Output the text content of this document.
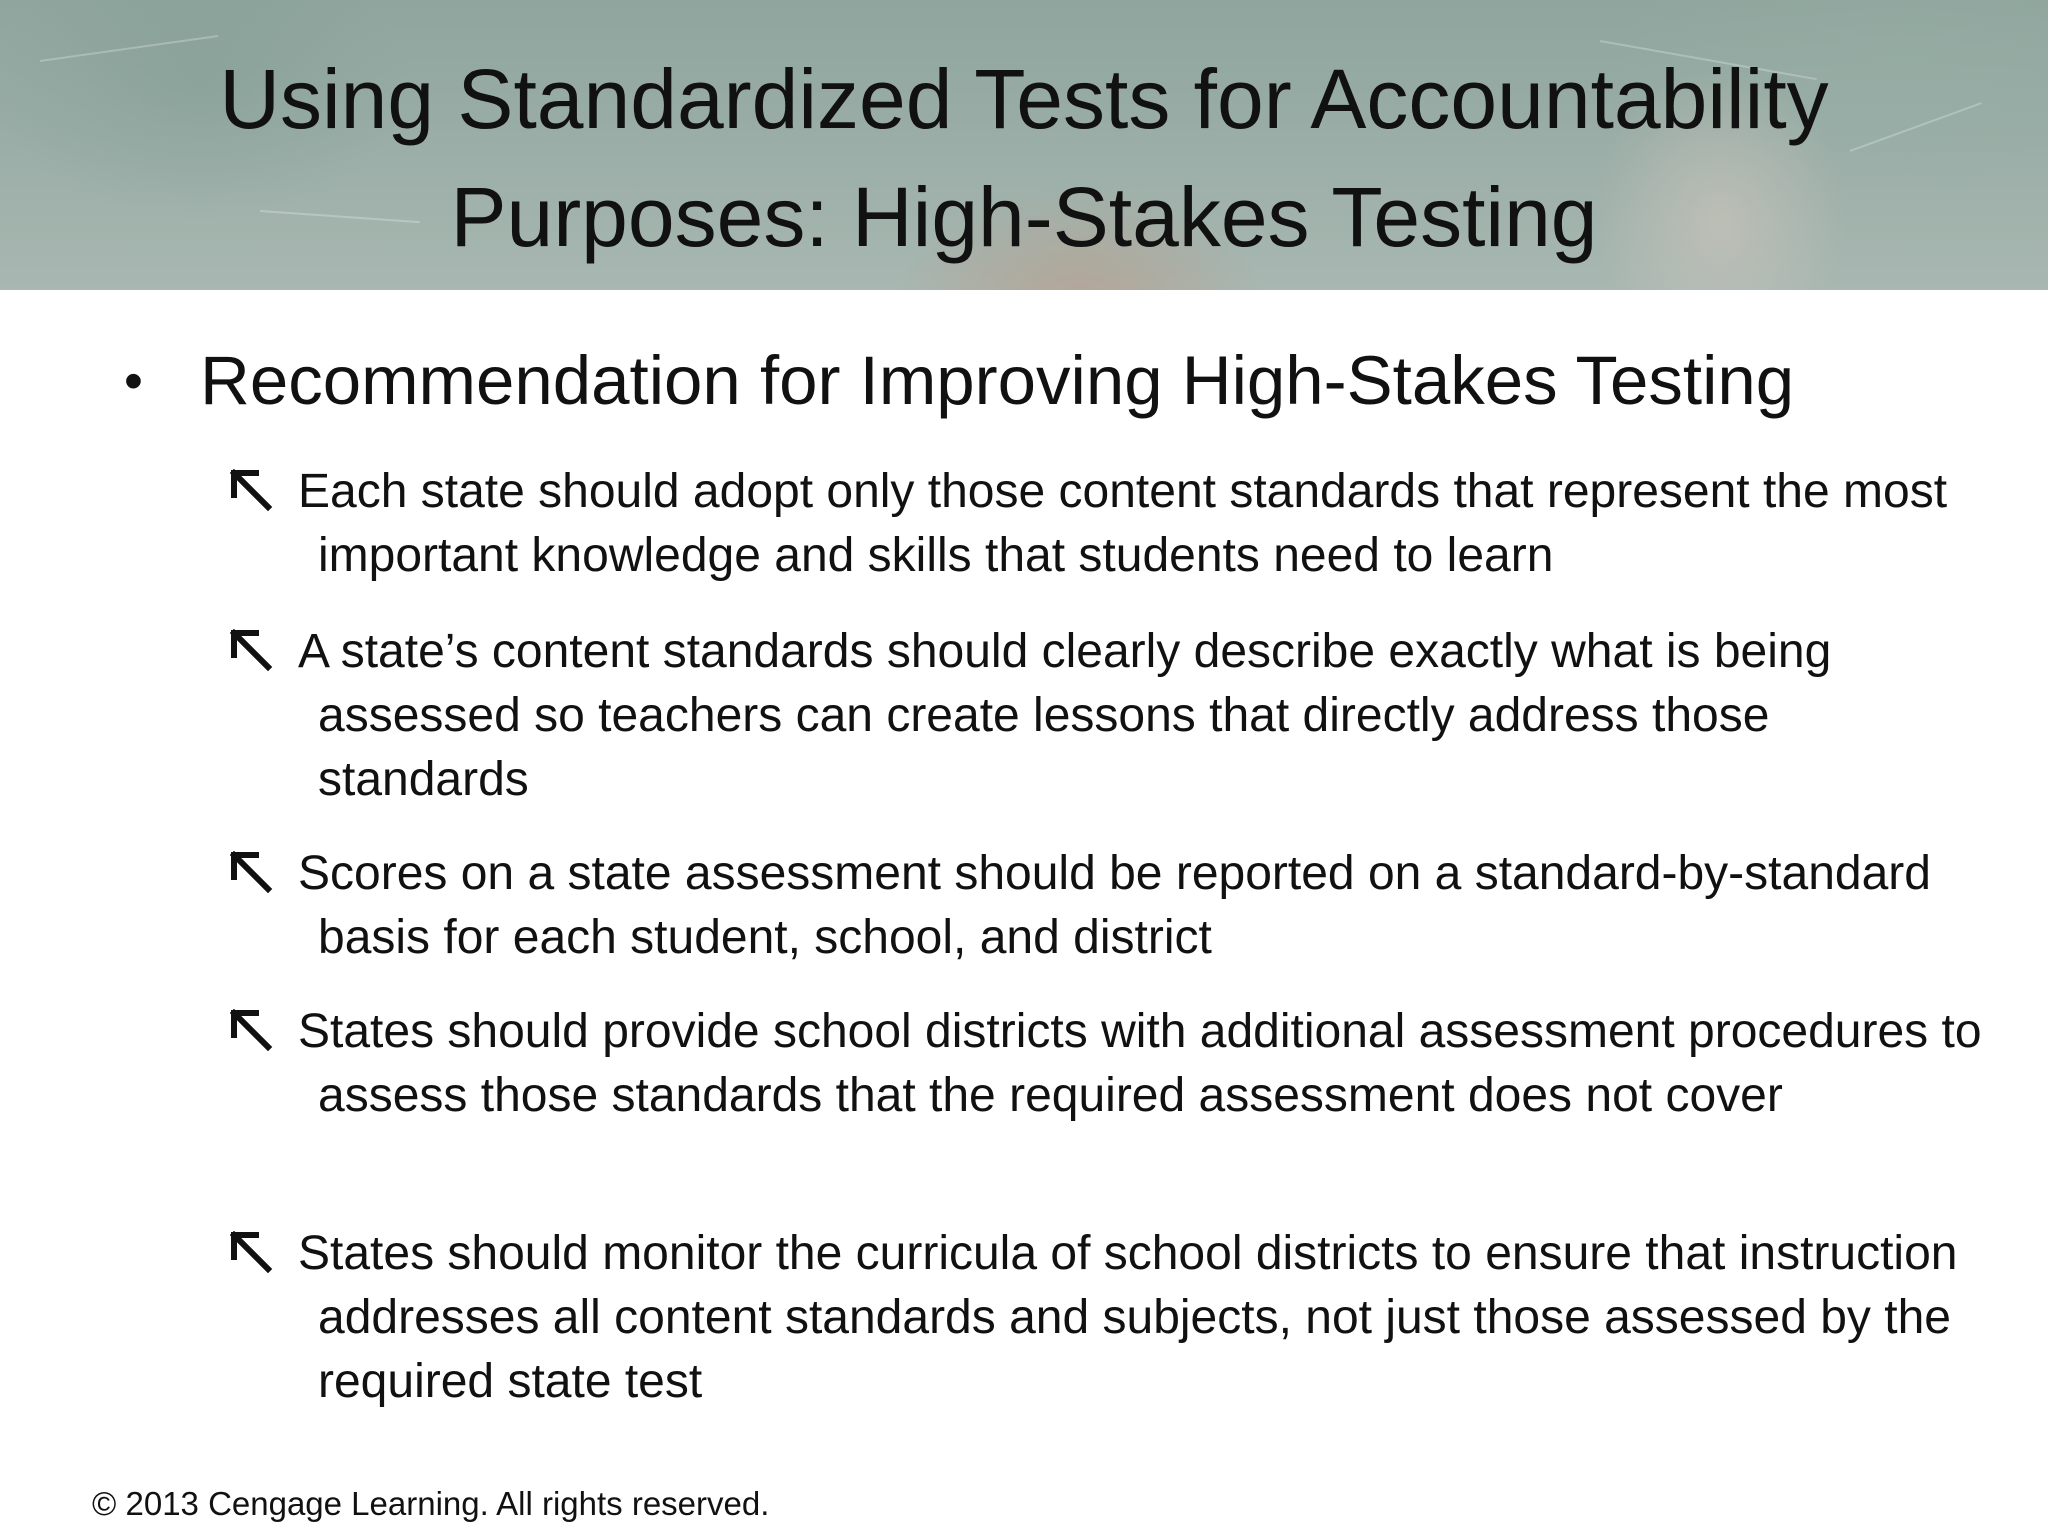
Using Standardized Tests for Accountability
Purposes: High-Stakes Testing
• Recommendation for Improving High-Stakes Testing
Each state should adopt only those content standards that represent the most important knowledge and skills that students need to learn
A state’s content standards should clearly describe exactly what is being assessed so teachers can create lessons that directly address those standards
Scores on a state assessment should be reported on a standard-by-standard basis for each student, school, and district
States should provide school districts with additional assessment procedures to assess those standards that the required assessment does not cover
States should monitor the curricula of school districts to ensure that instruction addresses all content standards and subjects, not just those assessed by the required state test
© 2013 Cengage Learning. All rights reserved.
